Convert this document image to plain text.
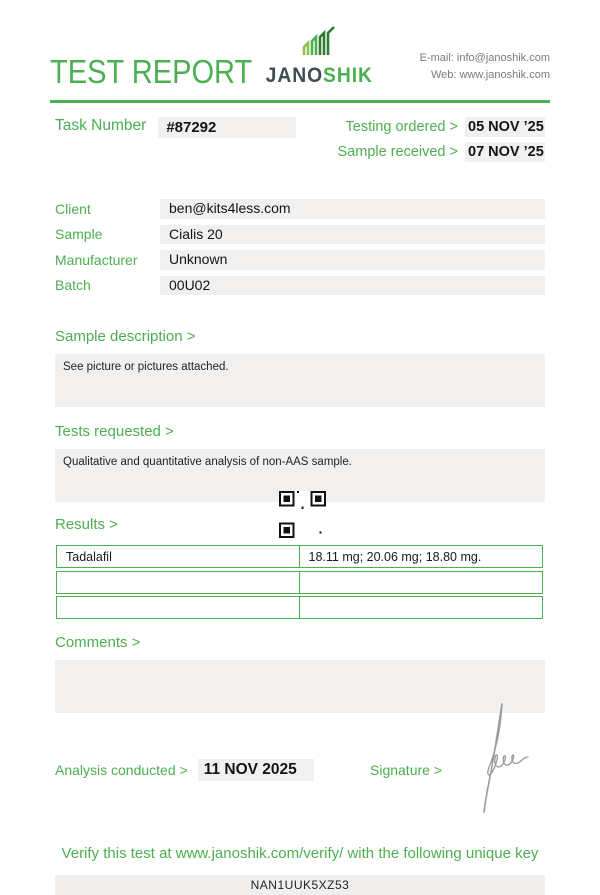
TEST REPORT JANOSHIK
E-mail: info@janoshik.com
Web: www.janoshik.com
Task Number	#87292	Testing ordered > 05 NOV ’25
Sample received > 07 NOV ’25
Client	ben@kits4less.com
Sample	Cialis 20
Manufacturer	Unknown
Batch	00U02
Sample description >
See picture or pictures attached.
Tests requested >
Qualitative and quantitative analysis of non-AAS sample.
Results >
Tadalafil	18.11 mg; 20.06 mg; 18.80 mg.
Comments >
Analysis conducted >	11 NOV 2025	Signature >
Verify this test at www.janoshik.com/verify/ with the following unique key
NAN1UUK5XZ53
